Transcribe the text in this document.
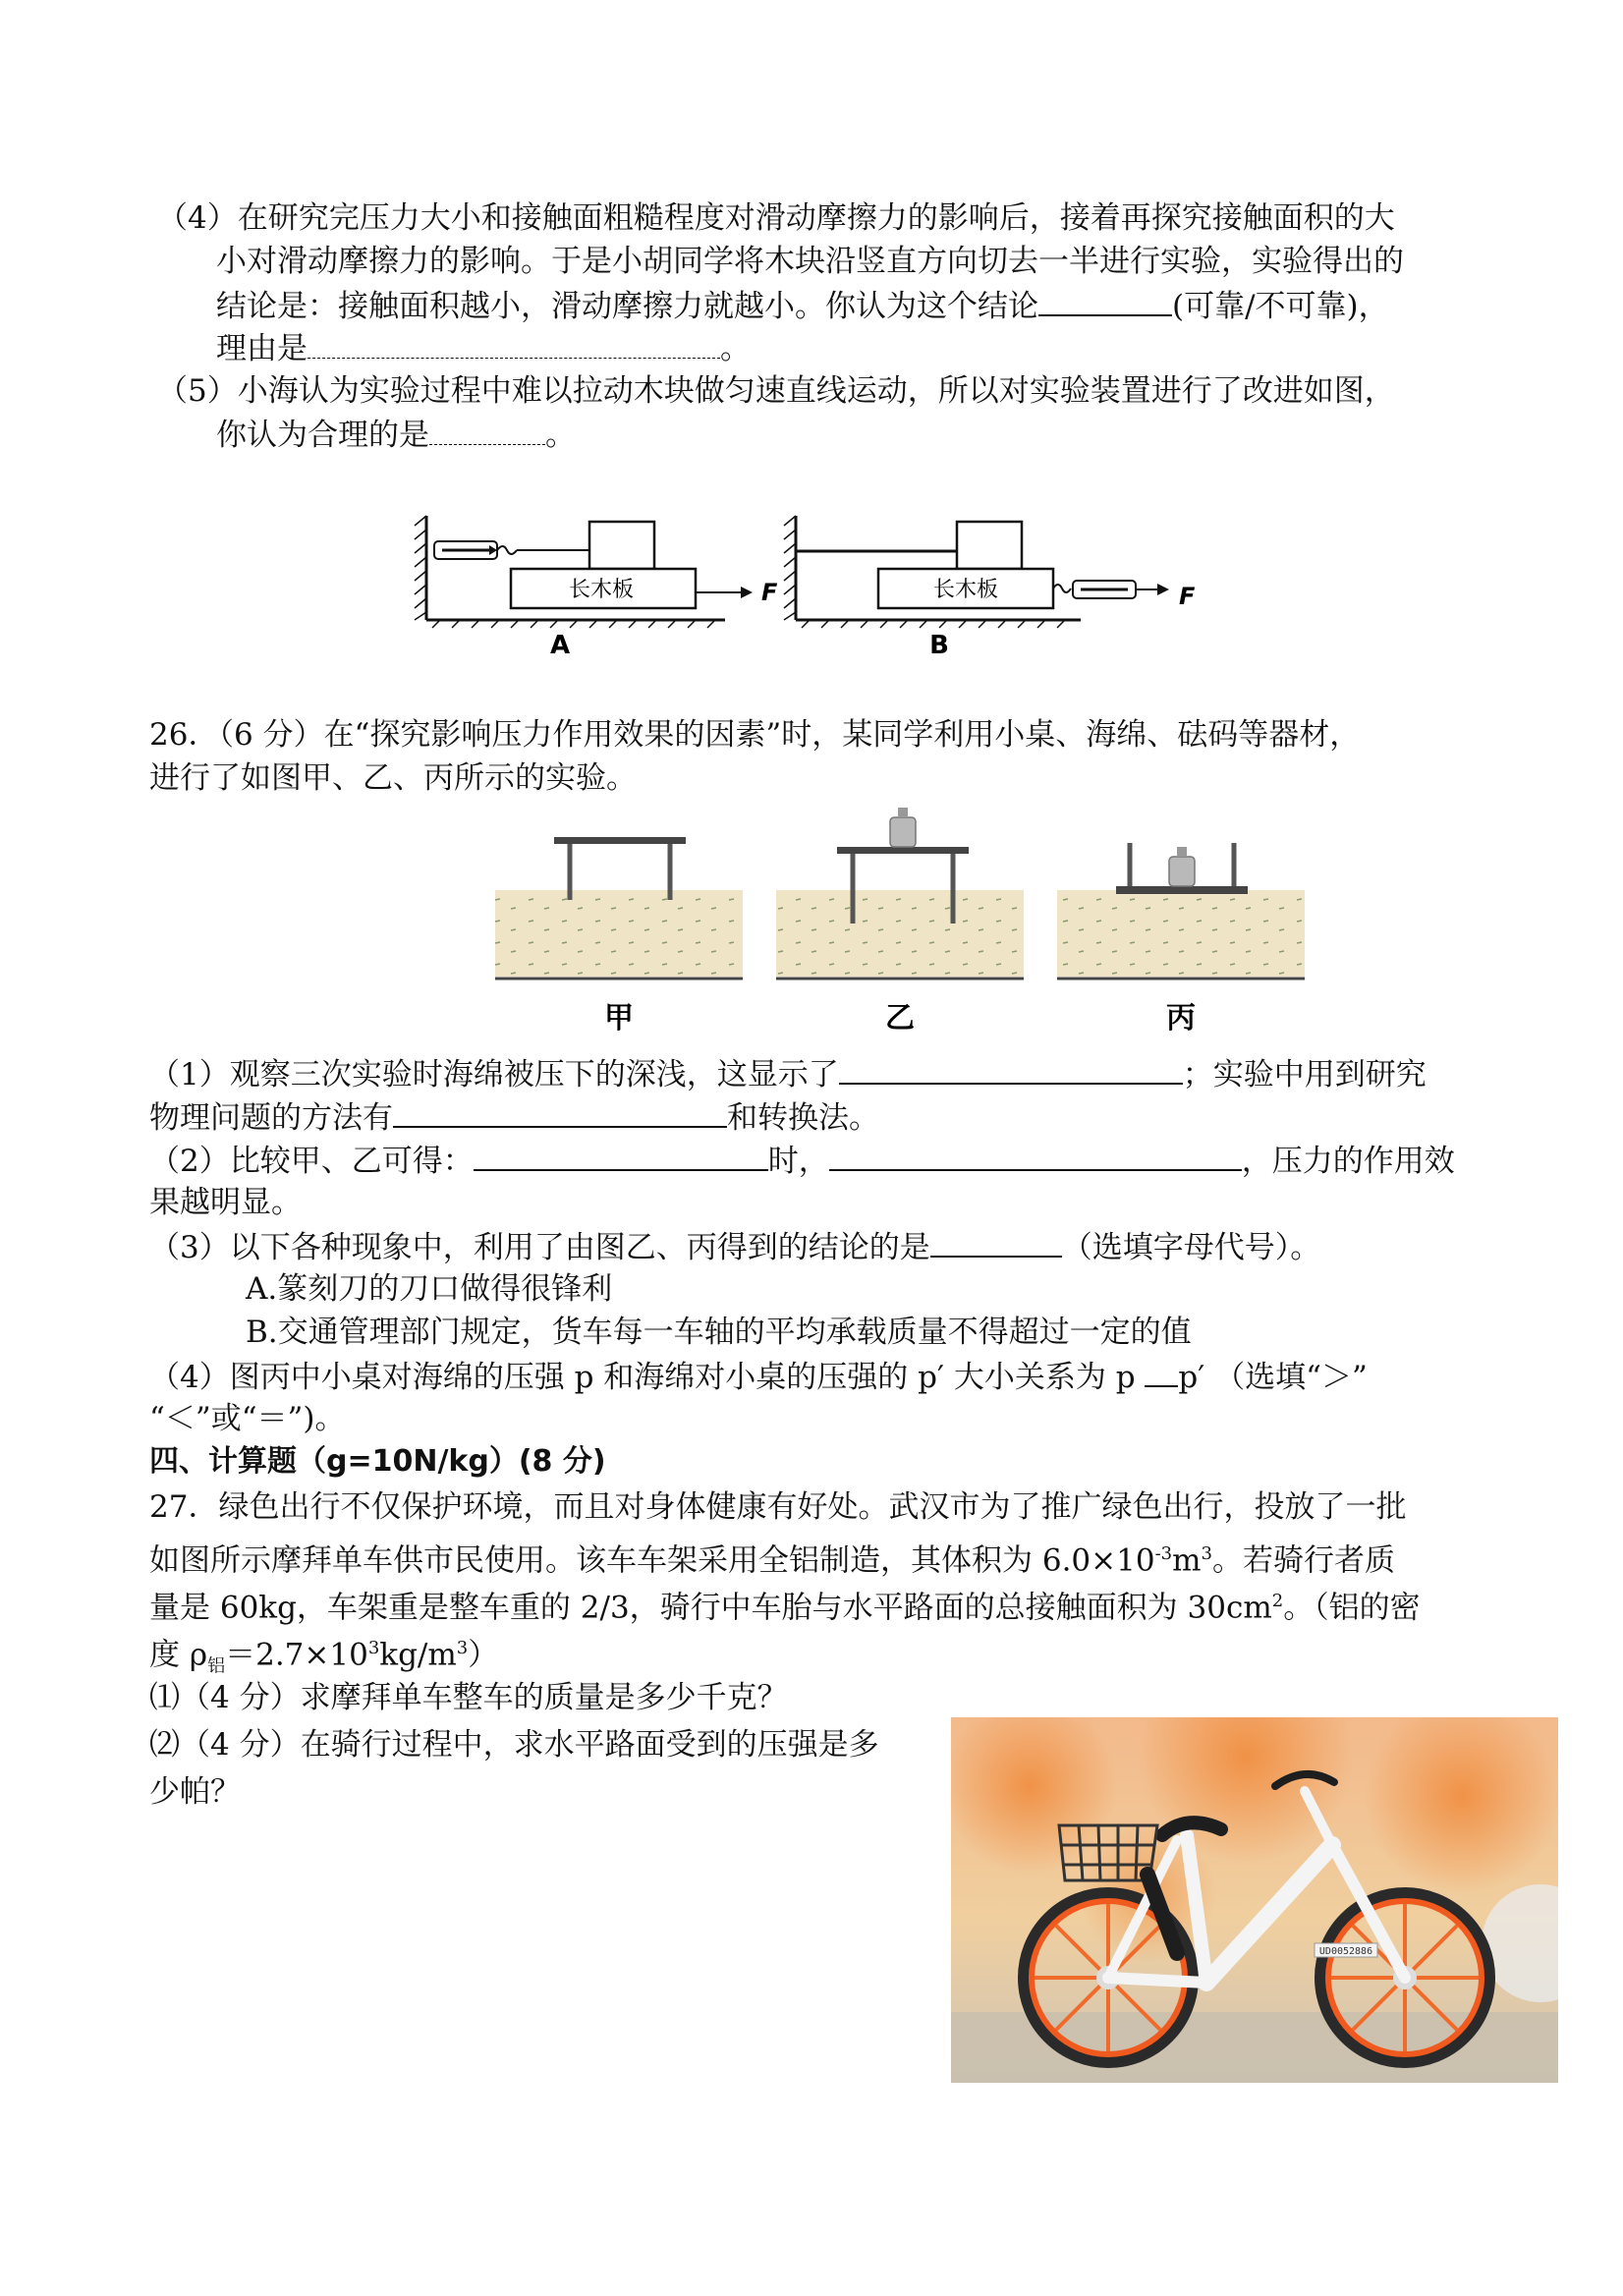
（4）在研究完压力大小和接触面粗糙程度对滑动摩擦力的影响后，接着再探究接触面积的大
小对滑动摩擦力的影响。于是小胡同学将木块沿竖直方向切去一半进行实验，实验得出的
结论是：接触面积越小，滑动摩擦力就越小。你认为这个结论	(可靠/不可靠)，
理由是	。
（5）小海认为实验过程中难以拉动木块做匀速直线运动，所以对实验装置进行了改进如图，
你认为合理的是	。
长木板	F
A
长木板	F
B
26．（6 分）在“探究影响压力作用效果的因素”时，某同学利用小桌、海绵、砝码等器材，
进行了如图甲、乙、丙所示的实验。
甲	乙	丙
（1）观察三次实验时海绵被压下的深浅，这显示了	；实验中用到研究
物理问题的方法有	和转换法。
（2）比较甲、乙可得：	时，	，压力的作用效
果越明显。
（3）以下各种现象中，利用了由图乙、丙得到的结论的是	（选填字母代号）。
A.篆刻刀的刀口做得很锋利
B.交通管理部门规定，货车每一车轴的平均承载质量不得超过一定的值
（4）图丙中小桌对海绵的压强 p 和海绵对小桌的压强的 p′ 大小关系为 p p′ （选填“＞”
“＜”或“＝”)。
四、计算题（g=10N/kg）(8 分)
27．绿色出行不仅保护环境，而且对身体健康有好处。武汉市为了推广绿色出行，投放了一批
如图所示摩拜单车供市民使用。该车车架采用全铝制造，其体积为 $6.0\times 10^{-3}m^3$。若骑行者质
量是 60kg，车架重是整车重的 2/3，骑行中车胎与水平路面的总接触面积为 $30cm^2$。（铝的密
度 $\rho_铝=2.7\times 10^3kg/m^3$）
⑴（4 分）求摩拜单车整车的质量是多少千克？
⑵（4 分）在骑行过程中，求水平路面受到的压强是多
少帕？
UD0052886
